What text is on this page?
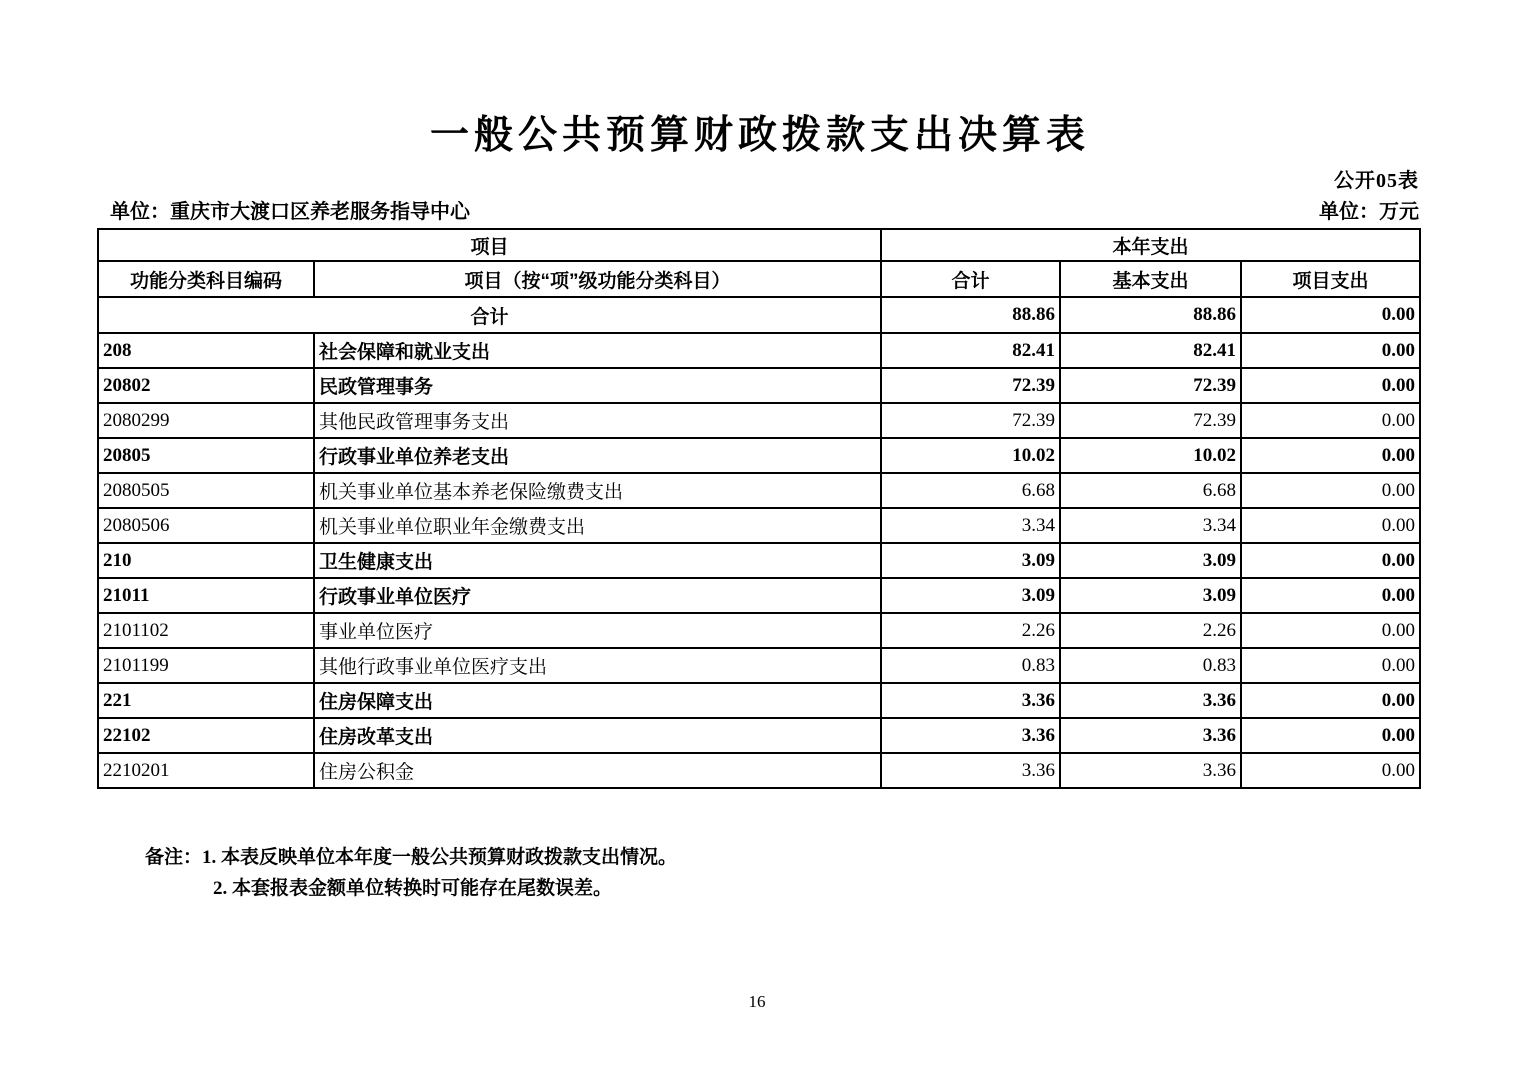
一般公共预算财政拨款支出决算表
公开05表
单位：重庆市大渡口区养老服务指导中心	单位：万元
项目		本年支出		
功能分类科目编码	项目（按“项”级功能分类科目）	合计	基本支出	项目支出
合计		88.86	88.86	0.00
208	社会保障和就业支出	82.41	82.41	0.00
20802	民政管理事务	72.39	72.39	0.00
2080299	其他民政管理事务支出	72.39	72.39	0.00
20805	行政事业单位养老支出	10.02	10.02	0.00
2080505	机关事业单位基本养老保险缴费支出	6.68	6.68	0.00
2080506	机关事业单位职业年金缴费支出	3.34	3.34	0.00
210	卫生健康支出	3.09	3.09	0.00
21011	行政事业单位医疗	3.09	3.09	0.00
2101102	事业单位医疗	2.26	2.26	0.00
2101199	其他行政事业单位医疗支出	0.83	0.83	0.00
221	住房保障支出	3.36	3.36	0.00
22102	住房改革支出	3.36	3.36	0.00
2210201	住房公积金	3.36	3.36	0.00
备注：1. 本表反映单位本年度一般公共预算财政拨款支出情况。
2. 本套报表金额单位转换时可能存在尾数误差。
16
